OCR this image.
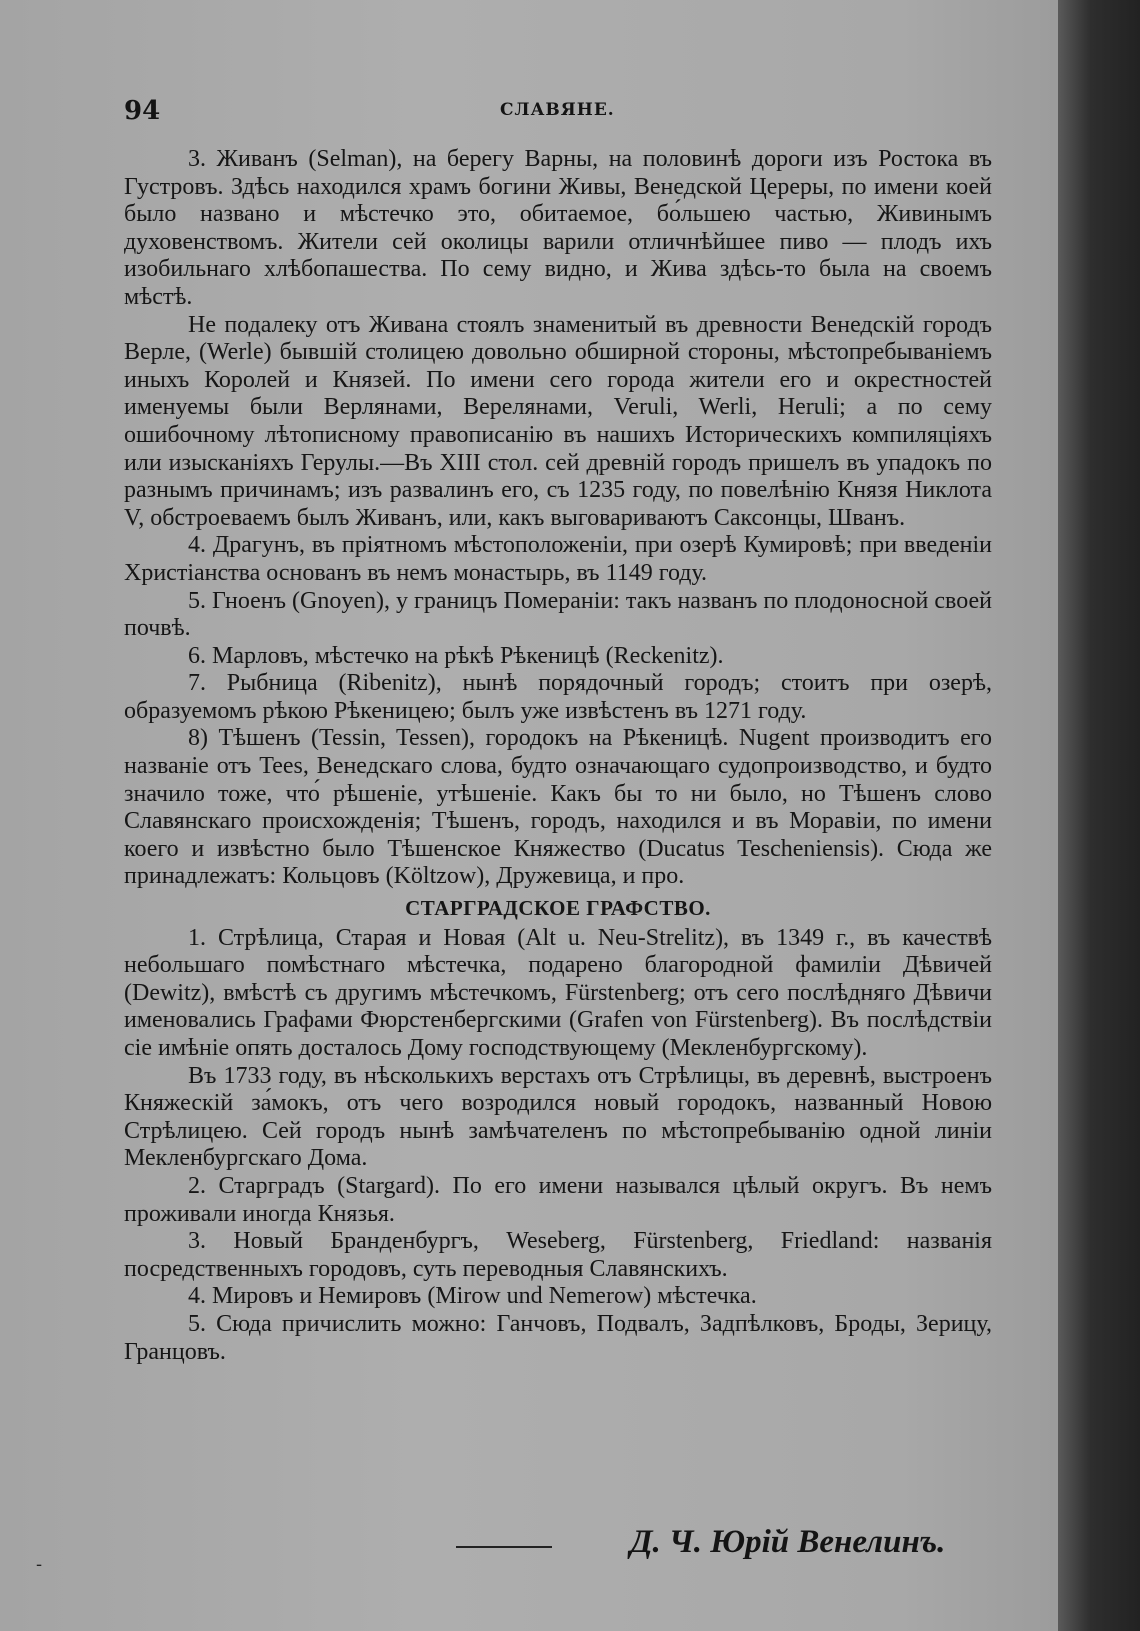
94	СЛАВЯНЕ.

3. Живанъ (Selman), на берегу Варны, на половинѣ дороги изъ Ростока въ Густровъ. Здѣсь находился храмъ богини Живы, Венедской Цереры, по имени коей было названо и мѣстечко это, обитаемое, бо́льшею частью, Живинымъ духовенствомъ. Жители сей околицы варили отличнѣйшее пиво — плодъ ихъ изобильнаго хлѣбопашества. По сему видно, и Жива здѣсь-то была на своемъ мѣстѣ.

Не подалеку отъ Живана стоялъ знаменитый въ древности Венедскій городъ Верле, (Werle) бывшій столицею довольно обширной стороны, мѣстопребываніемъ иныхъ Королей и Князей. По имени сего города жители его и окрестностей именуемы были Верлянами, Верелянами, Veruli, Werli, Heruli; а по сему ошибочному лѣтописному правописанію въ нашихъ Историческихъ компиляціяхъ или изысканіяхъ Герулы.—Въ XIII стол. сей древній городъ пришелъ въ упадокъ по разнымъ причинамъ; изъ развалинъ его, съ 1235 году, по повелѣнію Князя Никлота V, обстроеваемъ былъ Живанъ, или, какъ выговариваютъ Саксонцы, Шванъ.

4. Драгунъ, въ пріятномъ мѣстоположеніи, при озерѣ Кумировѣ; при введеніи Христіанства основанъ въ немъ монастырь, въ 1149 году.

5. Гноенъ (Gnoyen), у границъ Помераніи: такъ названъ по плодоносной своей почвѣ.

6. Марловъ, мѣстечко на рѣкѣ Рѣкеницѣ (Reckenitz).

7. Рыбница (Ribenitz), нынѣ порядочный городъ; стоитъ при озерѣ, образуемомъ рѣкою Рѣкеницею; былъ уже извѣстенъ въ 1271 году.

8) Тѣшенъ (Tessin, Tessen), городокъ на Рѣкеницѣ. Nugent производитъ его названіе отъ Tees, Венедскаго слова, будто означающаго судопроизводство, и будто значило тоже, что́ рѣшеніе, утѣшеніе. Какъ бы то ни было, но Тѣшенъ слово Славянскаго происхожденія; Тѣшенъ, городъ, находился и въ Моравіи, по имени коего и извѣстно было Тѣшенское Княжество (Ducatus Teschenіensis). Сюда же принадлежатъ: Кольцовъ (Költzow), Дружевица, и про.

СТАРГРАДСКОЕ ГРАФСТВО.

1. Стрѣлица, Старая и Новая (Alt u. Neu-Strelitz), въ 1349 г., въ качествѣ небольшаго помѣстнаго мѣстечка, подарено благородной фамиліи Дѣвичей (Dewitz), вмѣстѣ съ другимъ мѣстечкомъ, Fürstenberg; отъ сего послѣдняго Дѣвичи именовались Графами Фюрстенбергскими (Grafen von Fürstenberg). Въ послѣдствіи сіе имѣніе опять досталось Дому господствующему (Мекленбургскому).

Въ 1733 году, въ нѣсколькихъ верстахъ отъ Стрѣлицы, въ деревнѣ, выстроенъ Княжескій за́мокъ, отъ чего возродился новый городокъ, названный Новою Стрѣлицею. Сей городъ нынѣ замѣчателенъ по мѣстопребыванію одной линіи Мекленбургскаго Дома.

2. Старградъ (Stargard). По его имени назывался цѣлый округъ. Въ немъ проживали иногда Князья.

3. Новый Бранденбургъ, Weseberg, Fürstenberg, Friedland: названія посредственныхъ городовъ, суть переводныя Славянскихъ.

4. Мировъ и Немировъ (Mirow und Nemerow) мѣстечка.

5. Сюда причислить можно: Ганчовъ, Подвалъ, Задпѣлковъ, Броды, Зерицу, Гранцовъ.

Д. Ч. Юрій Венелинъ.
-
